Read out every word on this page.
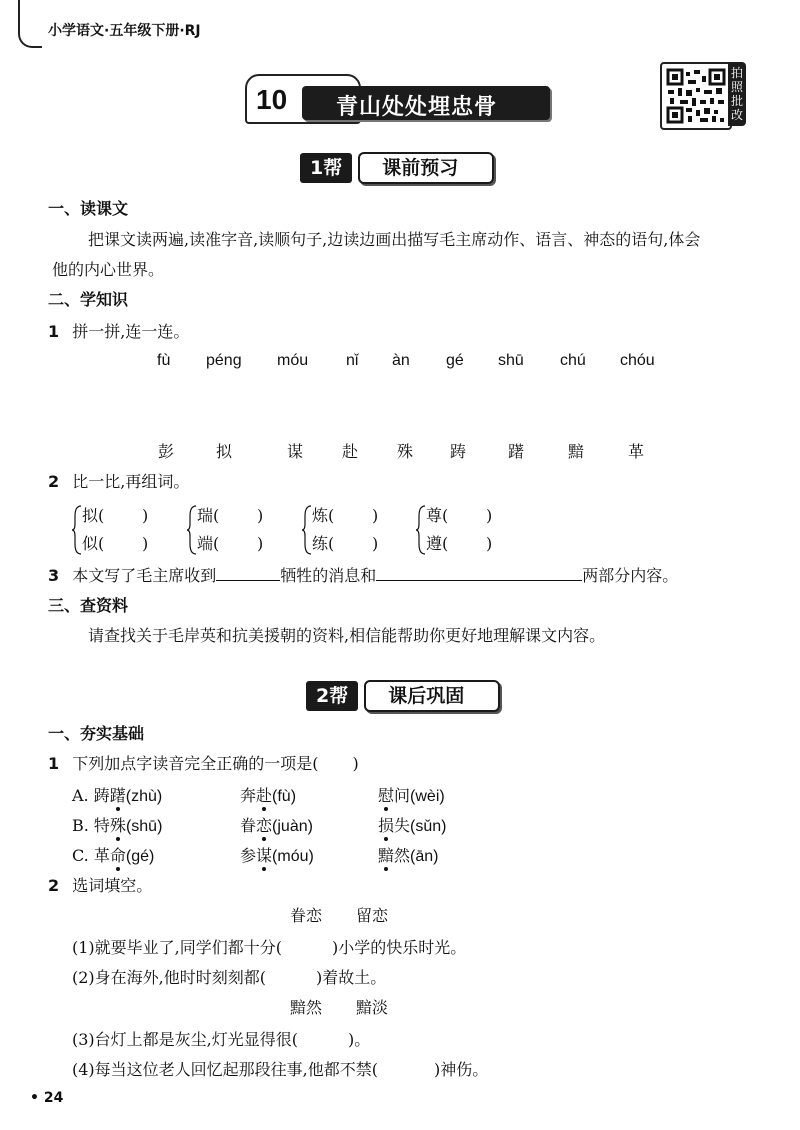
小学语文·五年级下册·RJ
10 青山处处埋忠骨
拍照批改
1帮	课前预习
一、读课文
把课文读两遍,读准字音,读顺句子,边读边画出描写毛主席动作、语言、神态的语句,体会
他的内心世界。
二、学知识
1 拼一拼,连一连。
fù péng móu nǐ àn gé shū chú chóu
彭	拟	谋 赴 殊 踌	躇	黯	革
2 比一比,再组词。
拟( )
似( )
瑞( )
端( )
炼( )
练( )
尊( )
遵( )
3 本文写了毛主席收到	牺牲的消息和	两部分内容。
三、查资料
请查找关于毛岸英和抗美援朝的资料,相信能帮助你更好地理解课文内容。
2帮	课后巩固
一、夯实基础
1 下列加点字读音完全正确的一项是( )
A. 踌躇(zhù)	奔赴(fù)	慰问(wèi)
B. 特殊(shū)	眷恋(juàn)	损失(sǔn)
C. 革命(gé)	参谋(móu)	黯然(ān)
2 选词填空。
眷恋 留恋
(1)就要毕业了,同学们都十分(	)小学的快乐时光。
(2)身在海外,他时时刻刻都(	)着故土。
黯然 黯淡
(3)台灯上都是灰尘,灯光显得很(	)。
(4)每当这位老人回忆起那段往事,他都不禁(	)神伤。
• 24
